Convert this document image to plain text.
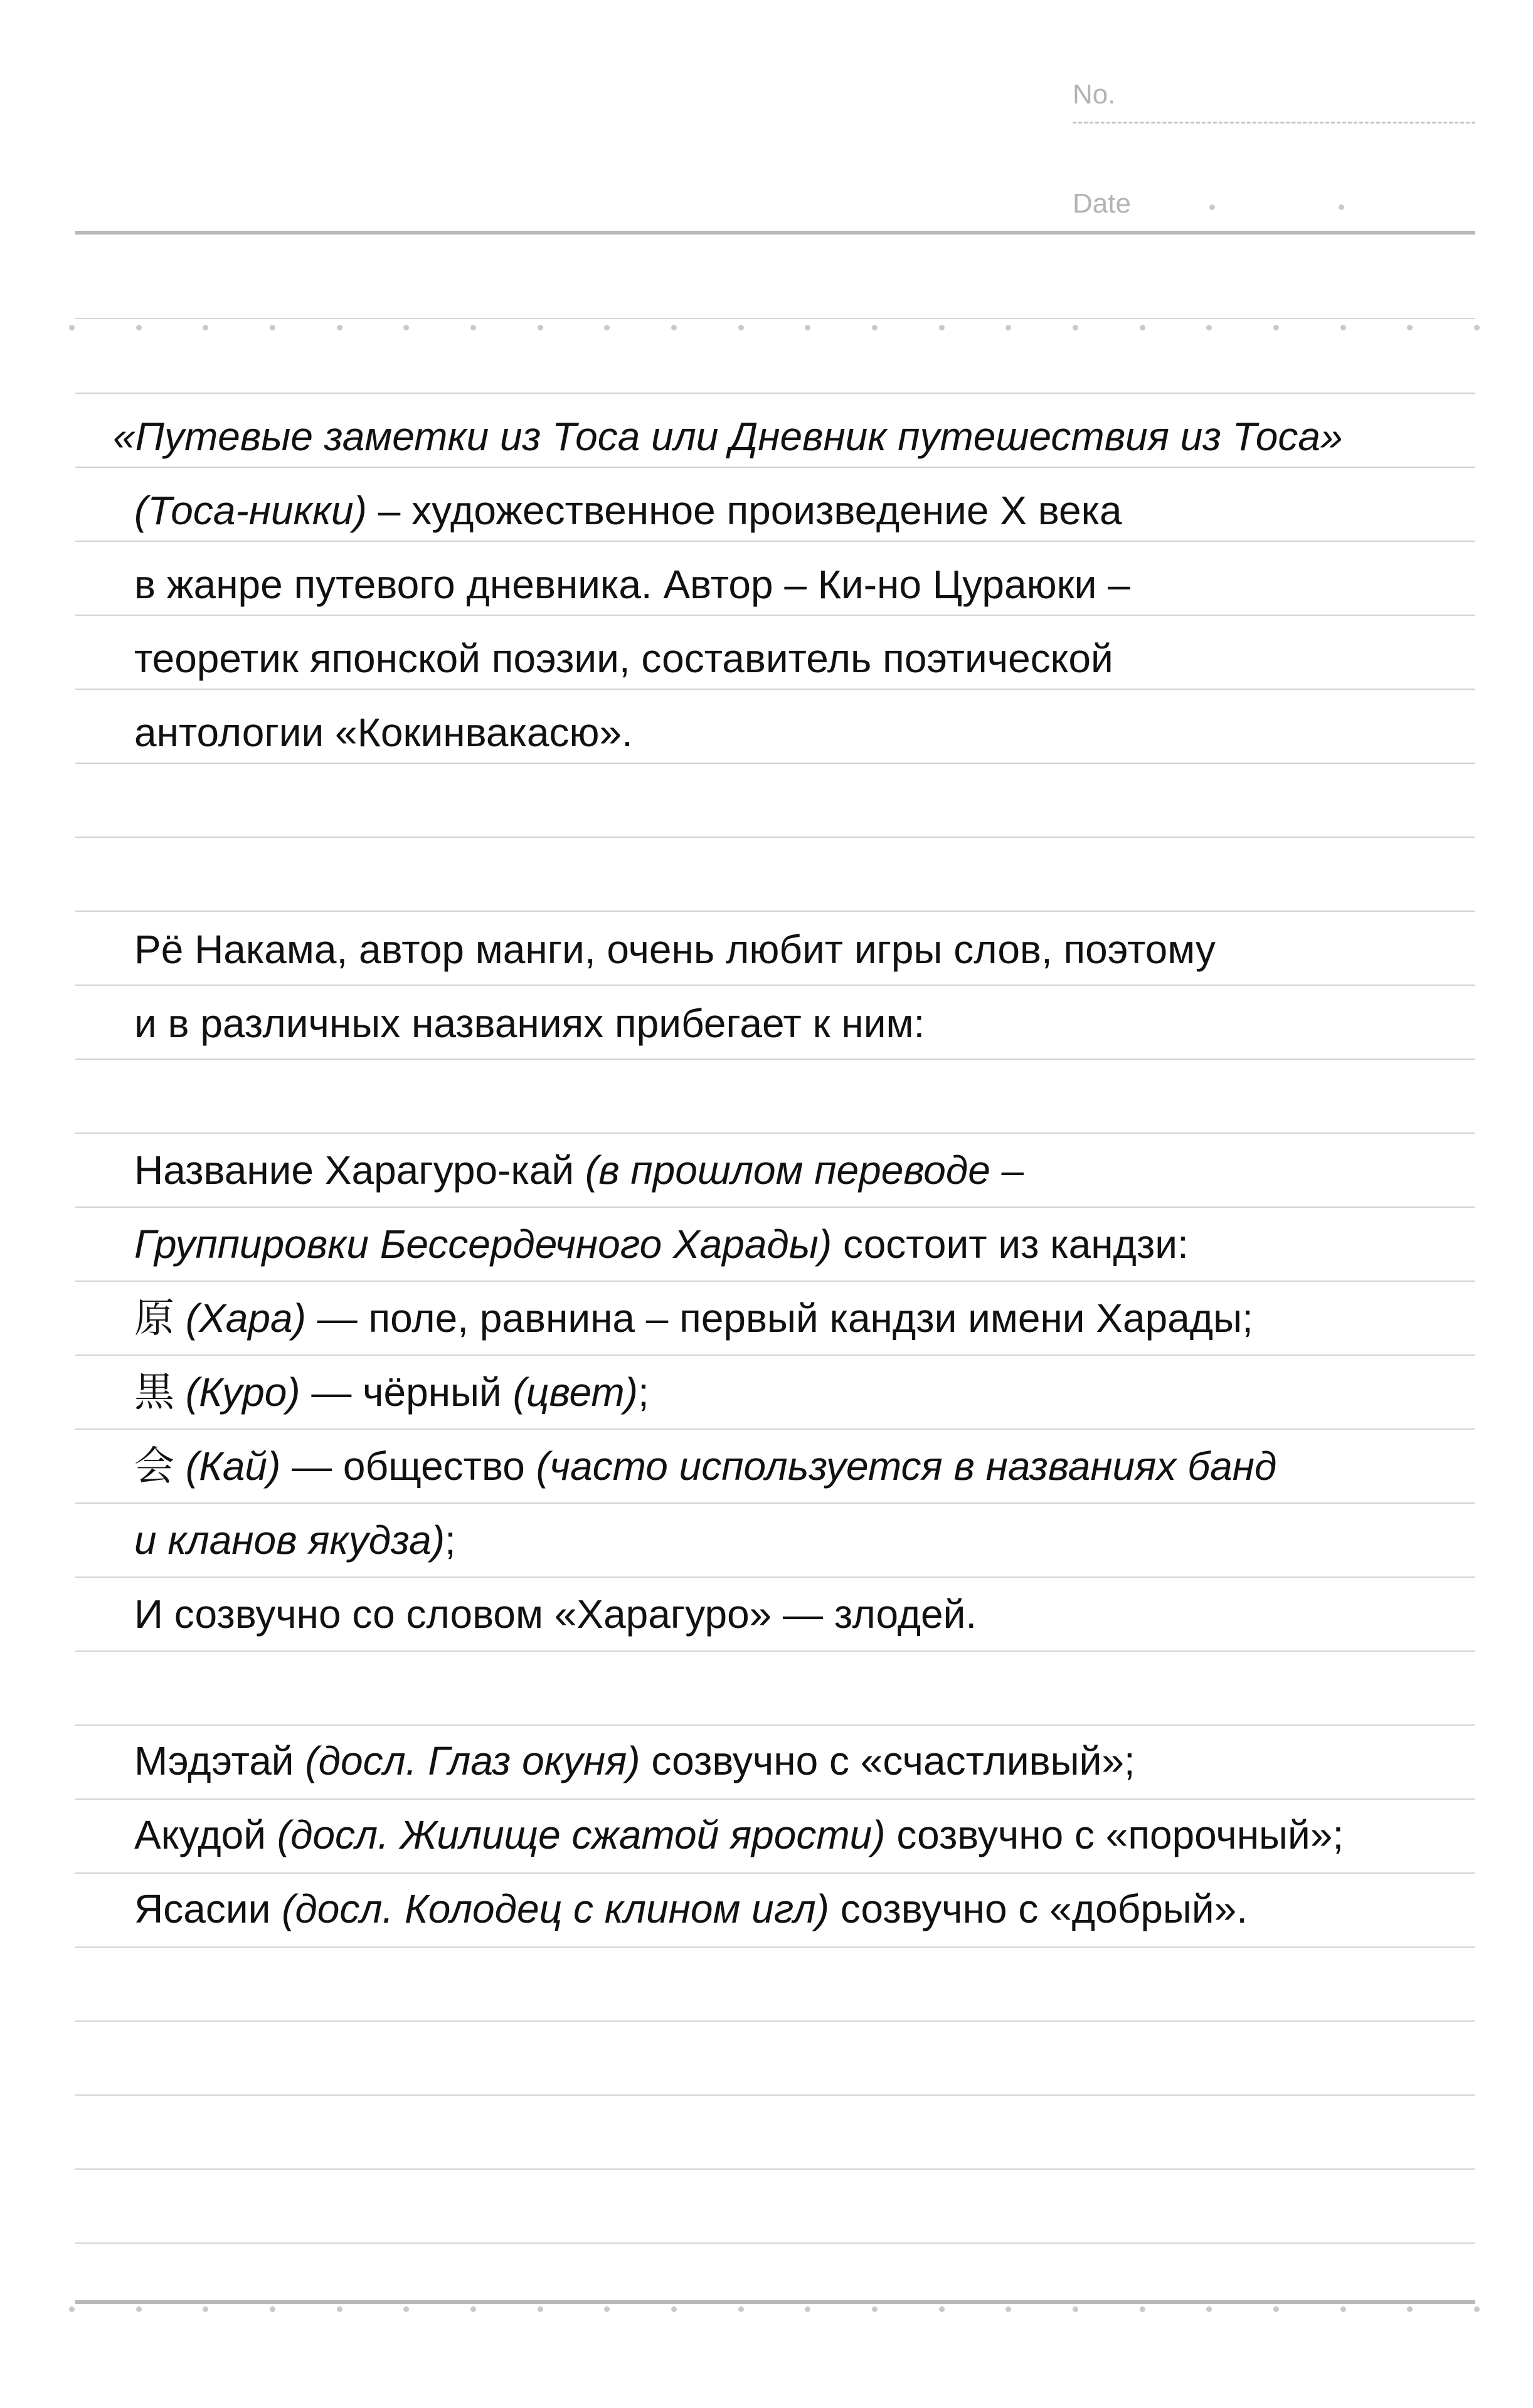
No.
Date
«Путевые заметки из Тоса или Дневник путешествия из Тоса»
(Тоса-никки) – художественное произведение X века
в жанре путевого дневника. Автор – Ки-но Цураюки –
теоретик японской поэзии, составитель поэтической
антологии «Кокинвакасю».
Рё Накама, автор манги, очень любит игры слов, поэтому
и в различных названиях прибегает к ним:
Название Харагуро-кай (в прошлом переводе –
Группировки Бессердечного Харады) состоит из кандзи:
原 (Хара) — поле, равнина – первый кандзи имени Харады;
黒 (Куро) — чёрный (цвет);
会 (Кай) — общество (часто используется в названиях банд
и кланов якудза);
И созвучно со словом «Харагуро» — злодей.
Мэдэтай (досл. Глаз окуня) созвучно с «счастливый»;
Акудой (досл. Жилище сжатой ярости) созвучно с «порочный»;
Ясасии (досл. Колодец с клином игл) созвучно с «добрый».
